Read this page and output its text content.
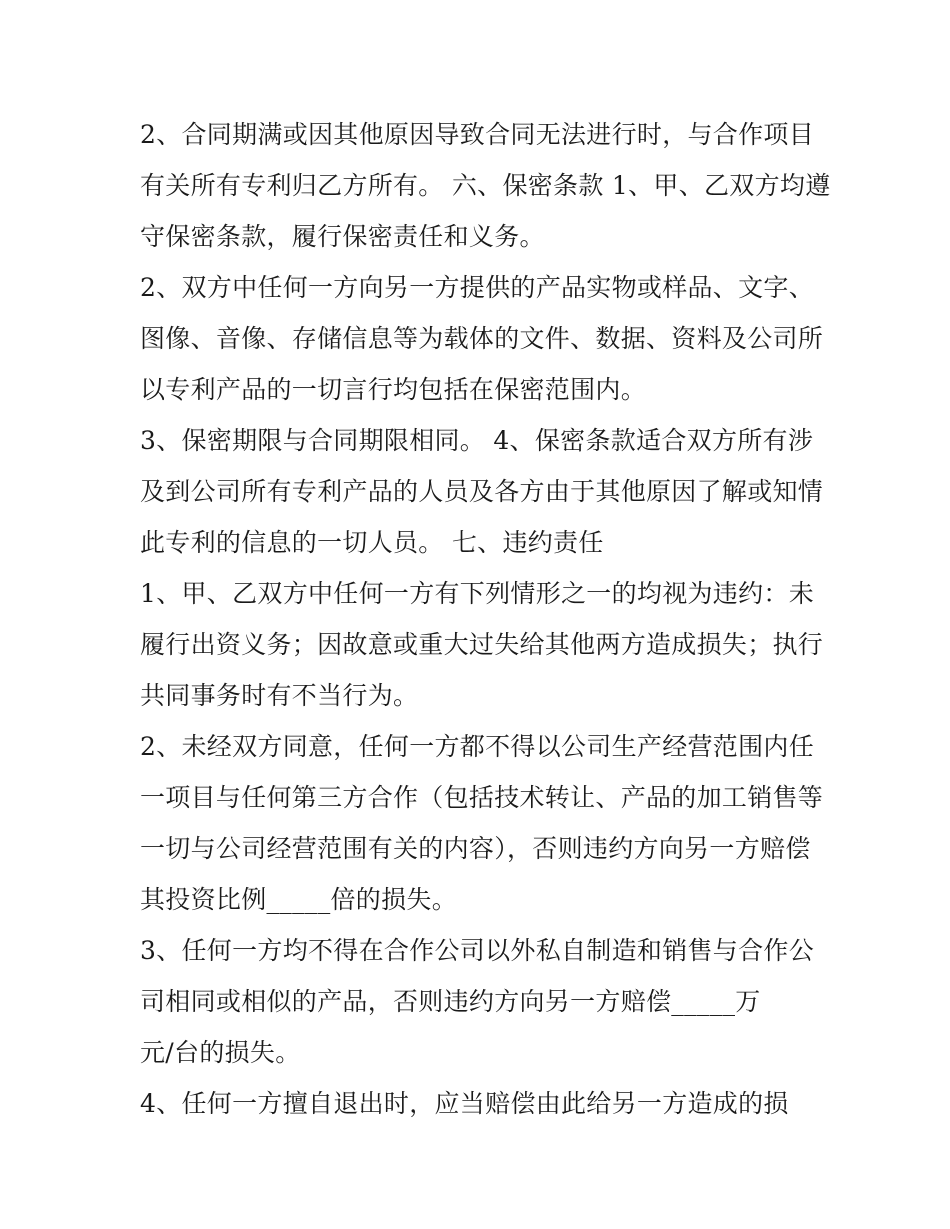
2、合同期满或因其他原因导致合同无法进行时，与合作项目
有关所有专利归乙方所有。 六、保密条款 1、甲、乙双方均遵
守保密条款，履行保密责任和义务。
2、双方中任何一方向另一方提供的产品实物或样品、文字、
图像、音像、存储信息等为载体的文件、数据、资料及公司所
以专利产品的一切言行均包括在保密范围内。
3、保密期限与合同期限相同。 4、保密条款适合双方所有涉
及到公司所有专利产品的人员及各方由于其他原因了解或知情
此专利的信息的一切人员。 七、违约责任
1、甲、乙双方中任何一方有下列情形之一的均视为违约：未
履行出资义务；因故意或重大过失给其他两方造成损失；执行
共同事务时有不当行为。
2、未经双方同意，任何一方都不得以公司生产经营范围内任
一项目与任何第三方合作（包括技术转让、产品的加工销售等
一切与公司经营范围有关的内容），否则违约方向另一方赔偿
其投资比例_____倍的损失。
3、任何一方均不得在合作公司以外私自制造和销售与合作公
司相同或相似的产品，否则违约方向另一方赔偿_____万
元/台的损失。
4、任何一方擅自退出时，应当赔偿由此给另一方造成的损
